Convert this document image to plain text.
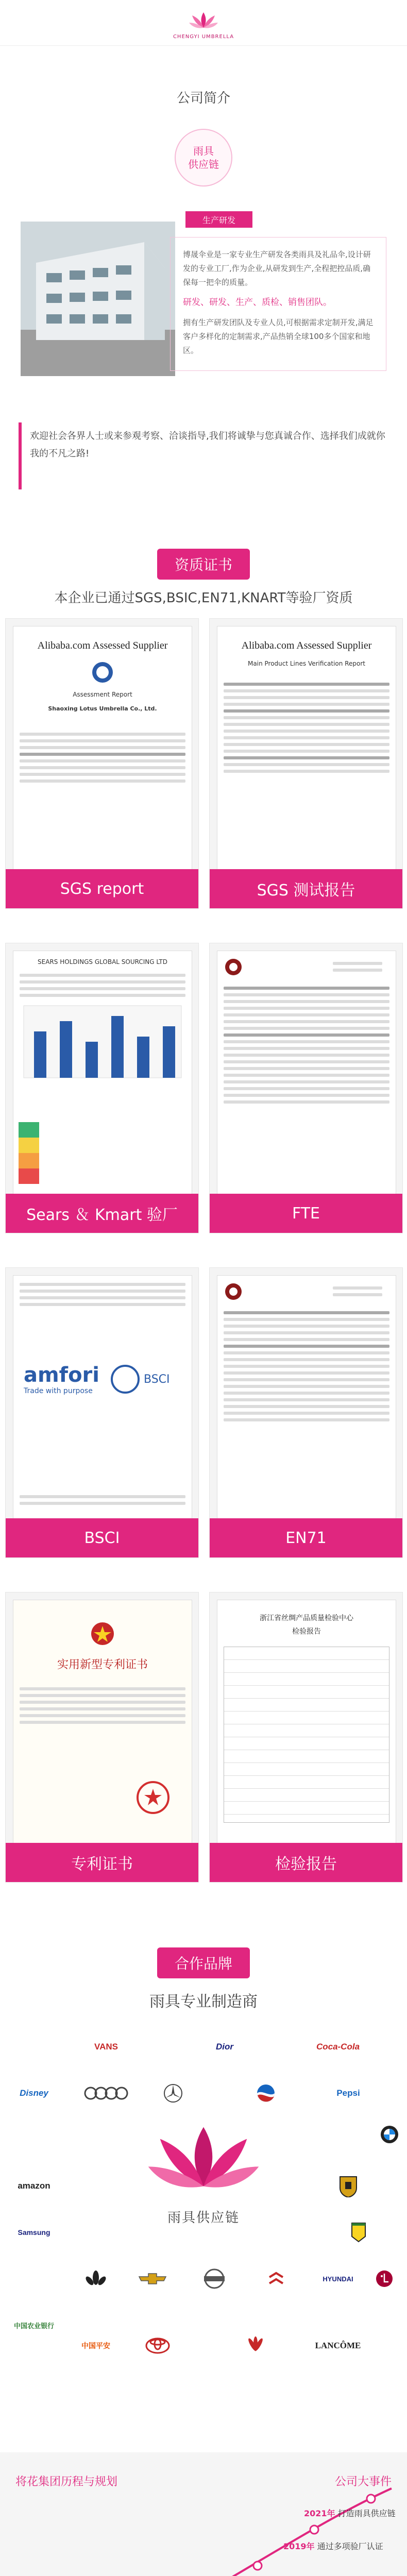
CHENGYI UMBRELLA
公司简介
雨具
供应链
生产研发
博晟伞业是一家专业生产研发各类雨具及礼品伞,设计研发的专业工厂,作为企业,从研发到生产,全程把控品质,确保每一把伞的质量。
研发、研发、生产、质检、销售团队。
拥有生产研发团队及专业人员,可根据需求定制开发,满足客户多样化的定制需求,产品热销全球100多个国家和地区。
欢迎社会各界人士或来参观考察、洽谈指导,我们将诚挚与您真诚合作、选择我们成就你我的不凡之路!
资质证书
本企业已通过SGS,BSIC,EN71,KNART等验厂资质
Alibaba.com Assessed Supplier
Assessment Report
Shaoxing Lotus Umbrella Co., Ltd.
SGS report
Alibaba.com Assessed Supplier
Main Product Lines Verification Report
SGS 测试报告
SEARS HOLDINGS GLOBAL SOURCING LTD
Sears ＆ Kmart 验厂	FTE
amfori
Trade with purpose
BSCI
BSCI	EN71
实用新型专利证书
专利证书
浙江省丝绸产品质量检验中心
检验报告
检验报告
合作品牌
雨具专业制造商
VANS	Dior	Coca-Cola
Disney	Pepsi
amazon
Samsung
HYUNDAI
中国农业银行
中国平安	LANCÔME
雨具供应链
将花集团历程与规划	公司大事件
2019年 通过多项验厂认证
2021年 打造雨具供应链
